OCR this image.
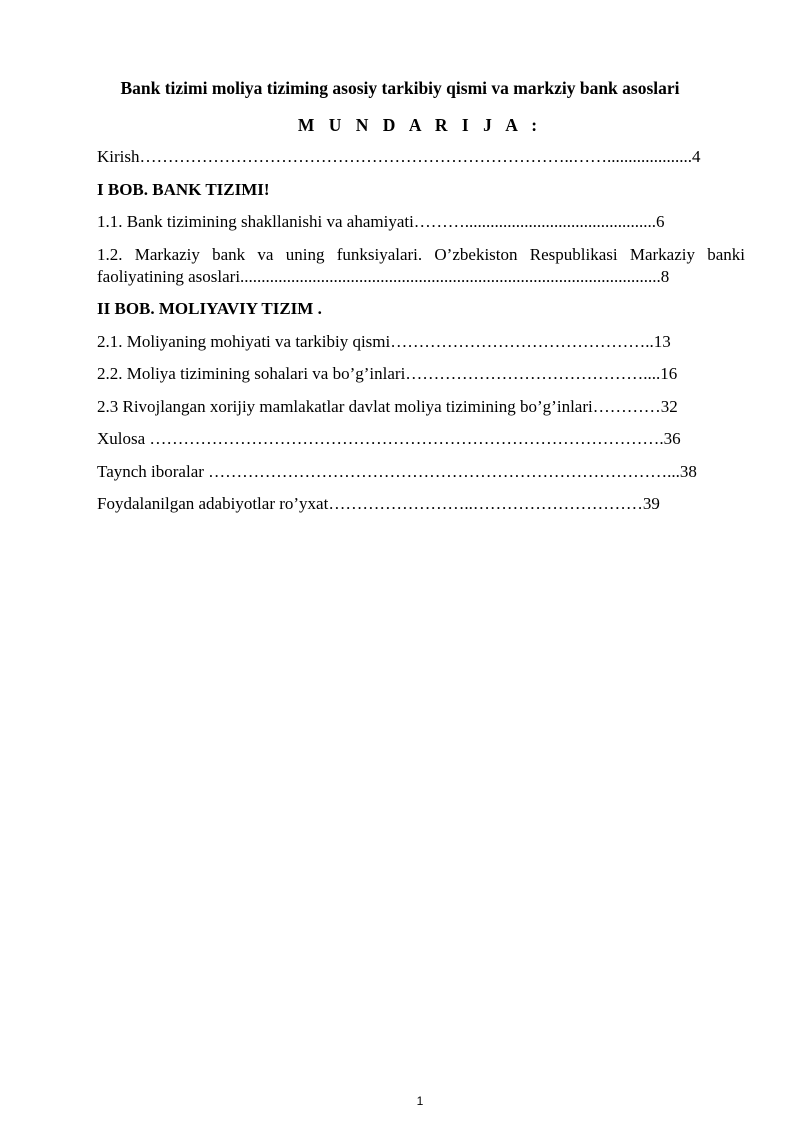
Bank tizimi moliya tiziming asosiy tarkibiy qismi va markziy bank asoslari
M U N D A R I J A :
Kirish…………………………………………………………………..……....................4
I BOB. BANK TIZIMI!
1.1. Bank tizimining shakllanishi va ahamiyati……….............................................6
1.2. Markaziy bank va uning funksiyalari. O’zbekiston Respublikasi Markaziy banki faoliyatining asoslari...................................................................................................8
II BOB. MOLIYAVIY TIZIM .
2.1. Moliyaning mohiyati va tarkibiy qismi………………………………………..13
2.2. Moliya tizimining sohalari va bo’g’inlari……………………………………....16
2.3 Rivojlangan xorijiy mamlakatlar davlat moliya tizimining bo’g’inlari…………32
Xulosa ……………………………………………………………………………….36
Taynch iboralar ………………………………………………………………………...38
Foydalanilgan adabiyotlar ro’yxat……………………..…………………………39
1
